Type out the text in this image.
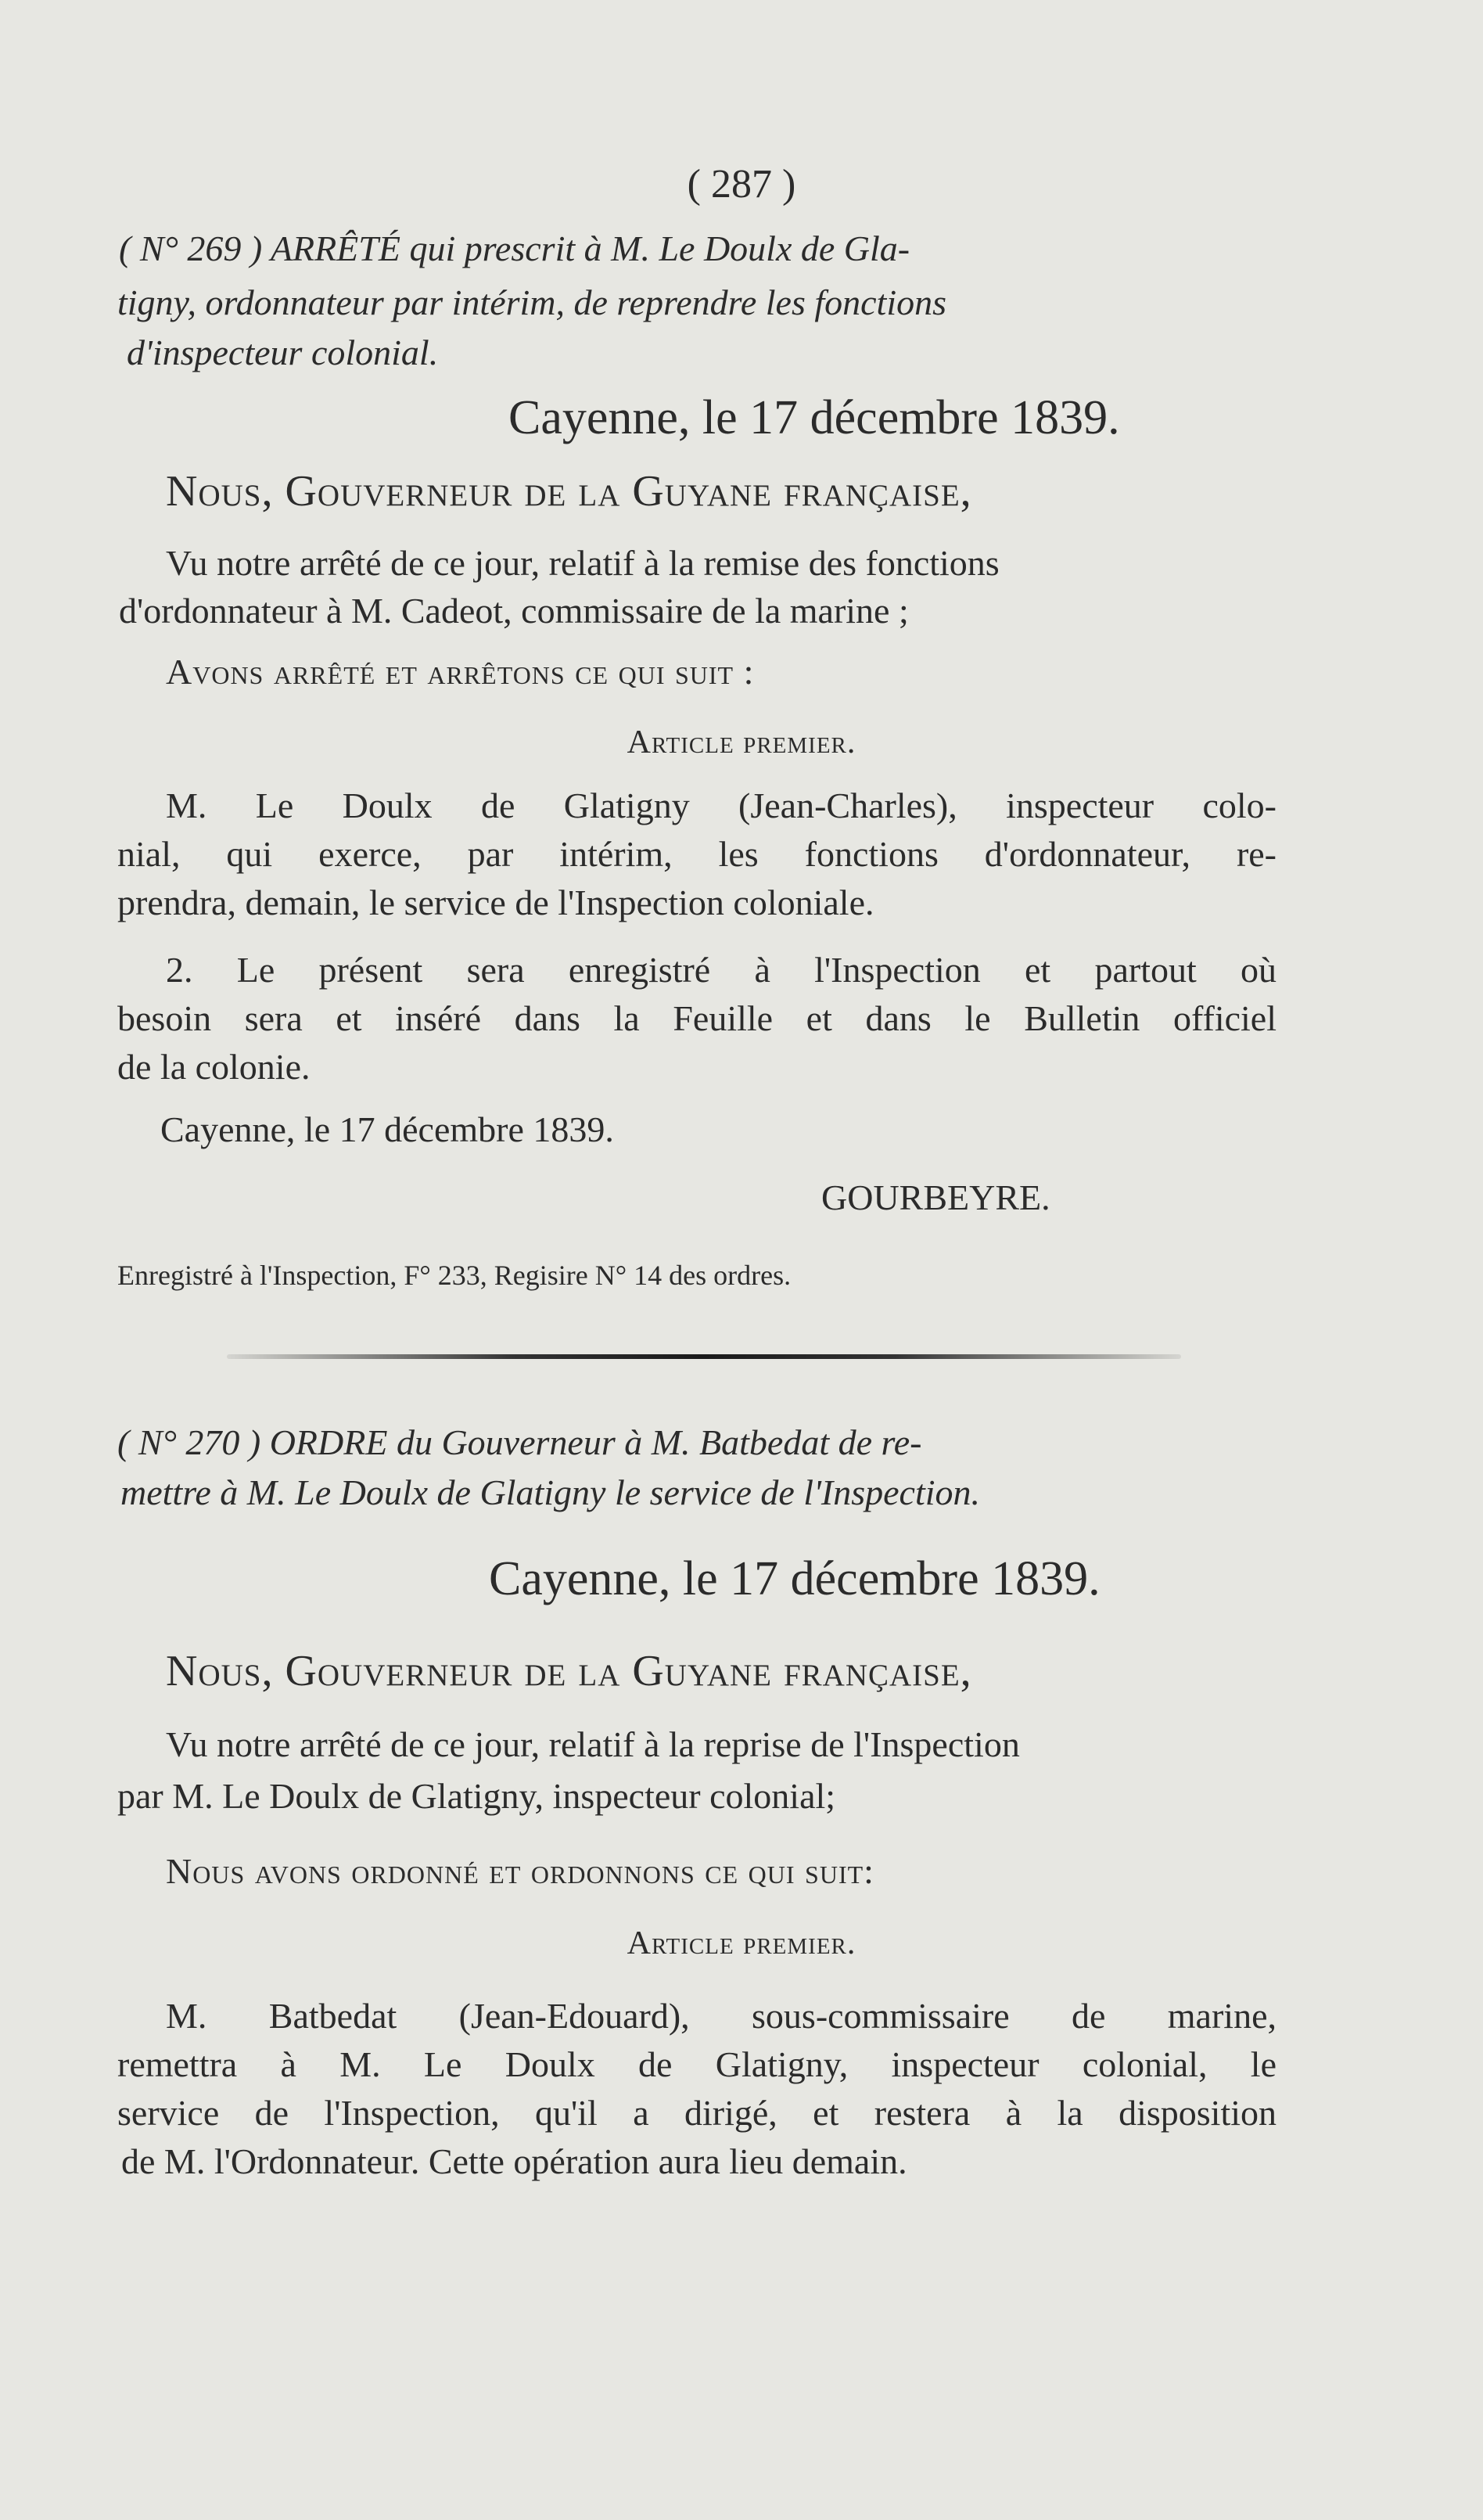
( 287 )
( N° 269 ) ARRÊTÉ qui prescrit à M. Le Doulx de Gla-
tigny, ordonnateur par intérim, de reprendre les fonctions
d'inspecteur colonial.
Cayenne, le 17 décembre 1839.
Nous, Gouverneur de la Guyane française,
Vu notre arrêté de ce jour, relatif à la remise des fonctions
d'ordonnateur à M. Cadeot, commissaire de la marine ;
Avons arrêté et arrêtons ce qui suit :
Article premier.
M. Le Doulx de Glatigny (Jean-Charles), inspecteur colo-
nial, qui exerce, par intérim, les fonctions d'ordonnateur, re-
prendra, demain, le service de l'Inspection coloniale.
2. Le présent sera enregistré à l'Inspection et partout où
besoin sera et inséré dans la Feuille et dans le Bulletin officiel
de la colonie.
Cayenne, le 17 décembre 1839.
GOURBEYRE.
Enregistré à l'Inspection, F° 233, Regisire N° 14 des ordres.
( N° 270 ) ORDRE du Gouverneur à M. Batbedat de re-
mettre à M. Le Doulx de Glatigny le service de l'Inspection.
Cayenne, le 17 décembre 1839.
Nous, Gouverneur de la Guyane française,
Vu notre arrêté de ce jour, relatif à la reprise de l'Inspection
par M. Le Doulx de Glatigny, inspecteur colonial;
Nous avons ordonné et ordonnons ce qui suit:
Article premier.
M. Batbedat (Jean-Edouard), sous-commissaire de marine,
remettra à M. Le Doulx de Glatigny, inspecteur colonial, le
service de l'Inspection, qu'il a dirigé, et restera à la disposition
de M. l'Ordonnateur. Cette opération aura lieu demain.
